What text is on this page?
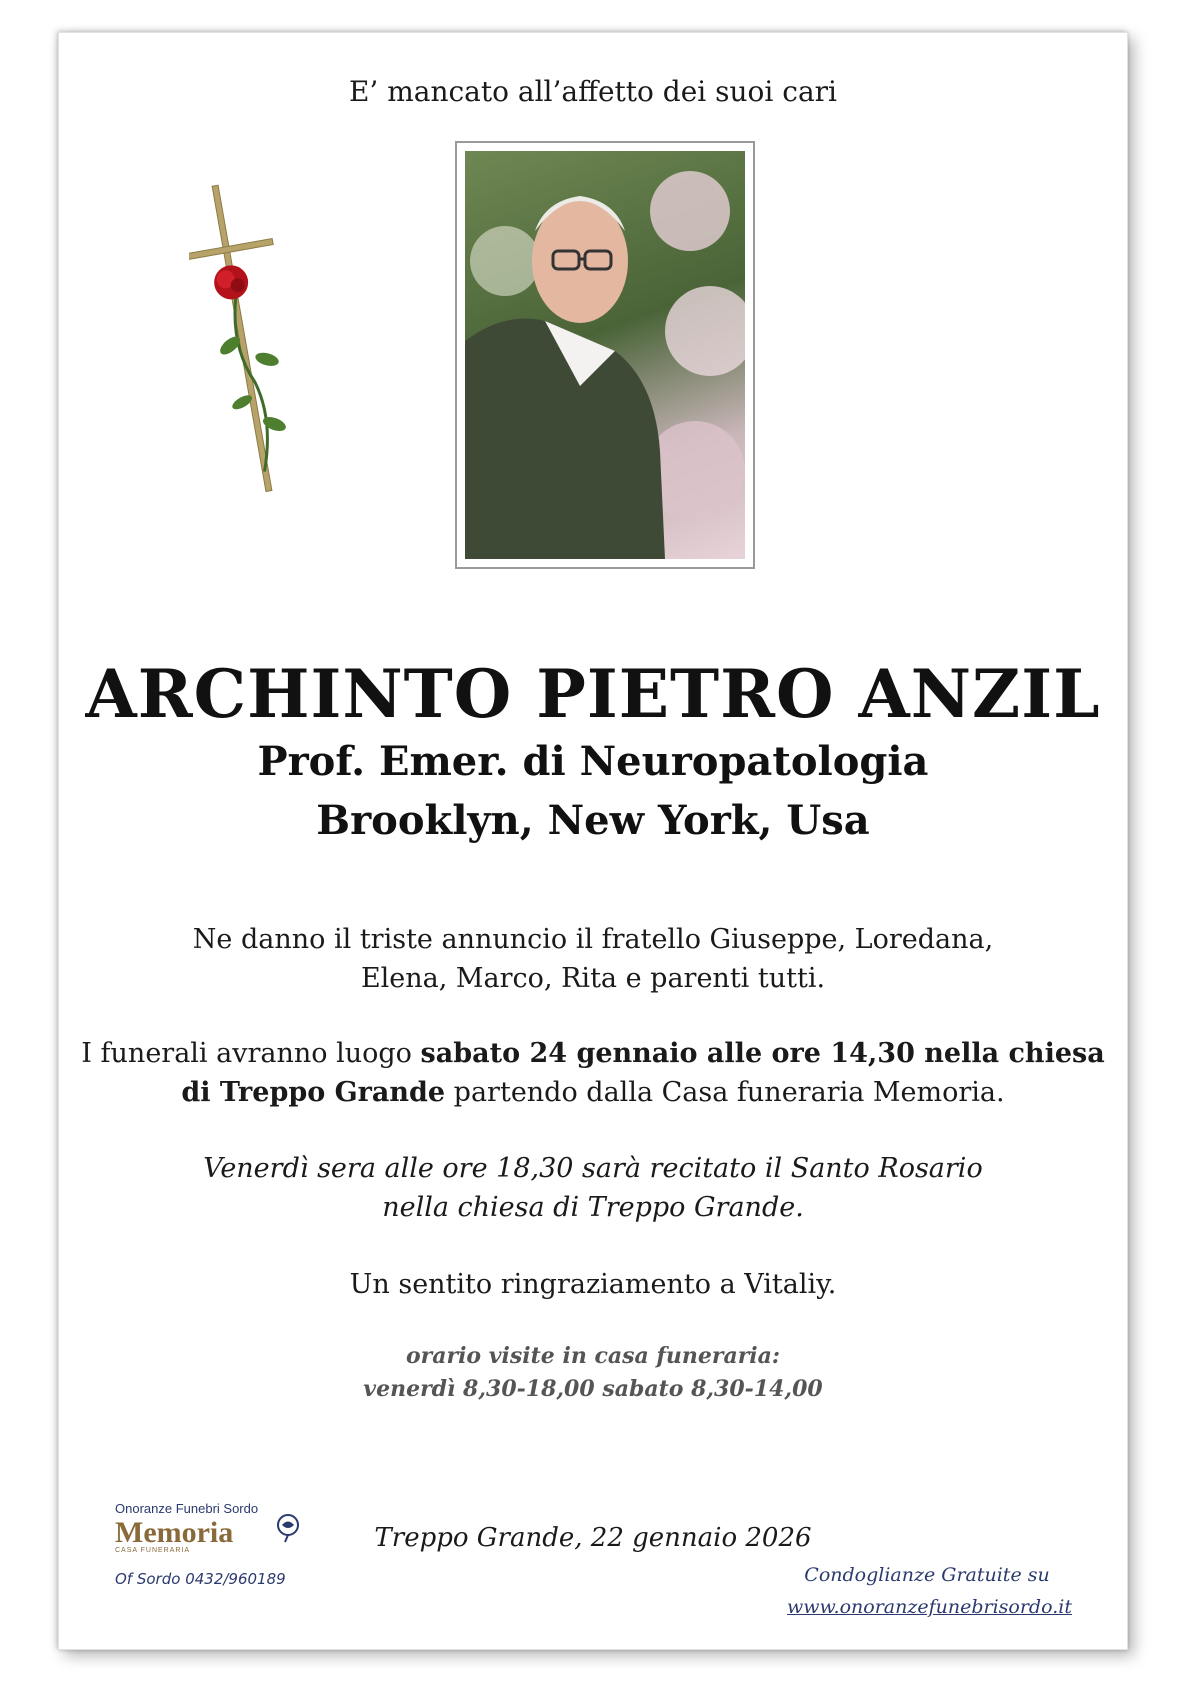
E’ mancato all’affetto dei suoi cari
ARCHINTO PIETRO ANZIL
Prof. Emer. di Neuropatologia
Brooklyn, New York, Usa
Ne danno il triste annuncio il fratello Giuseppe, Loredana,
Elena, Marco, Rita e parenti tutti.
I funerali avranno luogo sabato 24 gennaio alle ore 14,30 nella chiesa
di Treppo Grande partendo dalla Casa funeraria Memoria.
Venerdì sera alle ore 18,30 sarà recitato il Santo Rosario
nella chiesa di Treppo Grande.
Un sentito ringraziamento a Vitaliy.
orario visite in casa funeraria:
venerdì 8,30-18,00 sabato 8,30-14,00
Treppo Grande, 22 gennaio 2026
Onoranze Funebri Sordo
Memoria
CASA FUNERARIA
Of Sordo 0432/960189	Condoglianze Gratuite su
www.onoranzefunebrisordo.it
